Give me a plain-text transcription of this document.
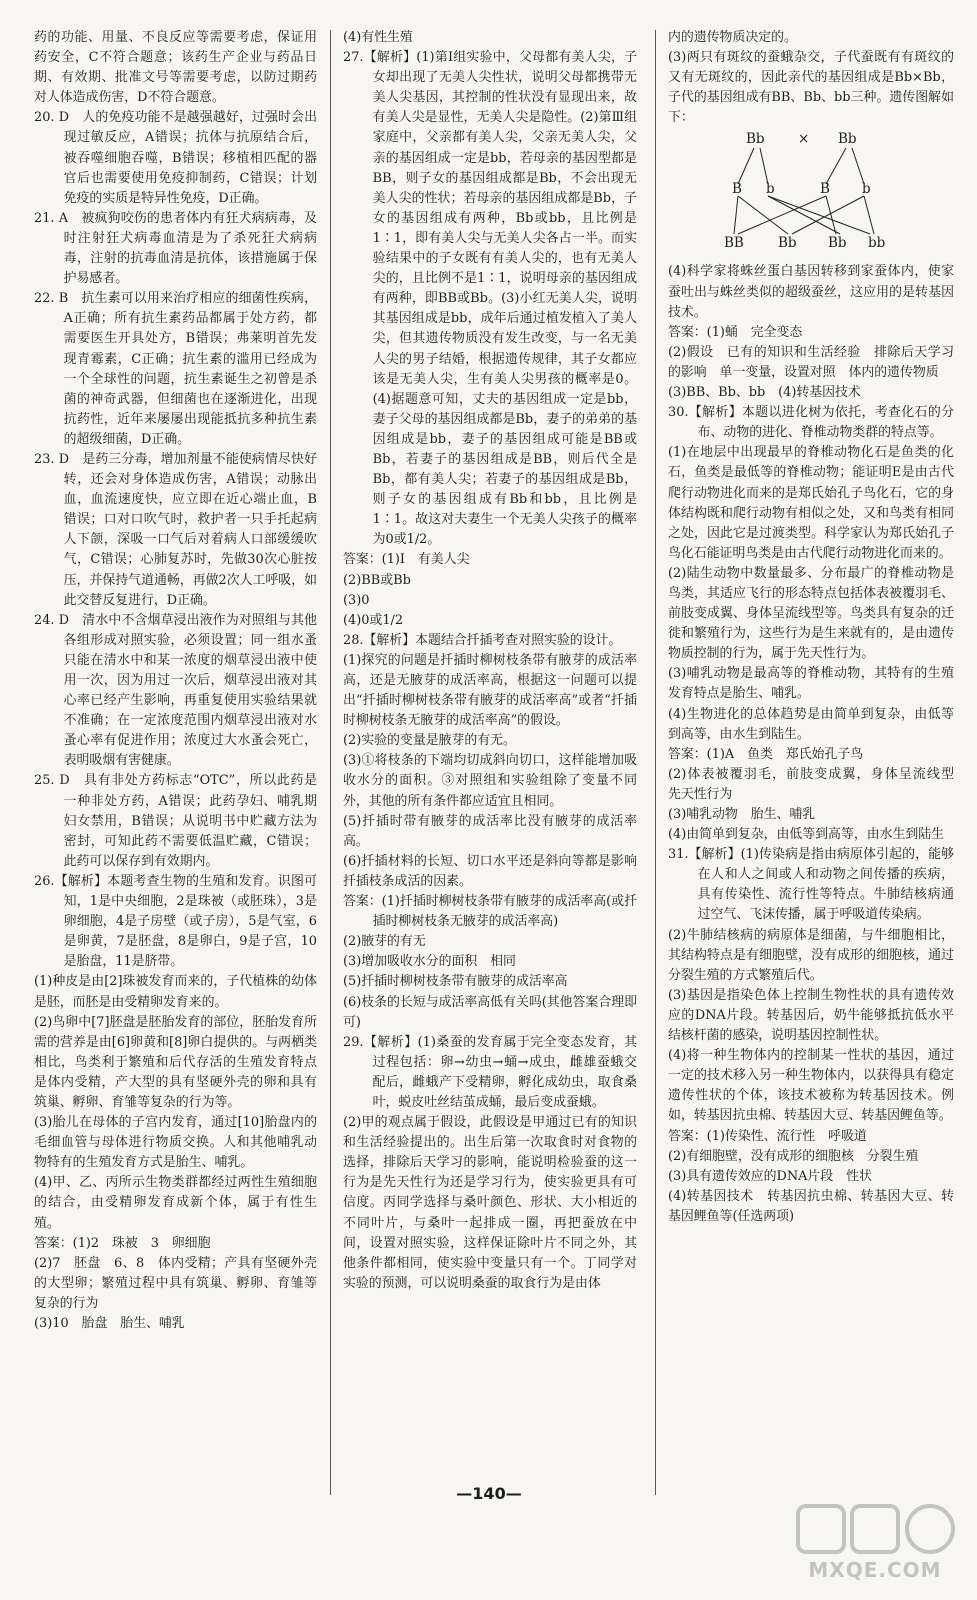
药的功能、用量、不良反应等需要考虑，保证用药安全，C不符合题意；该药生产企业与药品日期、有效期、批准文号等需要考虑，以防过期药对人体造成伤害，D不符合题意。

20. D　人的免疫功能不是越强越好，过强时会出现过敏反应，A错误；抗体与抗原结合后，被吞噬细胞吞噬，B错误；移植相匹配的器官后也需要使用免疫抑制药，C错误；计划免疫的实质是特异性免疫，D正确。

21. A　被疯狗咬伤的患者体内有狂犬病病毒，及时注射狂犬病毒血清是为了杀死狂犬病病毒，注射的抗毒血清是抗体，该措施属于保护易感者。

22. B　抗生素可以用来治疗相应的细菌性疾病，A正确；所有抗生素药品都属于处方药，都需要医生开具处方，B错误；弗莱明首先发现青霉素，C正确；抗生素的滥用已经成为一个全球性的问题，抗生素诞生之初曾是杀菌的神奇武器，但细菌也在逐渐进化，出现抗药性，近年来屡屡出现能抵抗多种抗生素的超级细菌，D正确。

23. D　是药三分毒，增加剂量不能使病情尽快好转，还会对身体造成伤害，A错误；动脉出血，血流速度快，应立即在近心端止血，B错误；口对口吹气时，救护者一只手托起病人下颌，深吸一口气后对着病人口部缓缓吹气，C错误；心肺复苏时，先做30次心脏按压，并保持气道通畅，再做2次人工呼吸，如此交替反复进行，D正确。

24. D　清水中不含烟草浸出液作为对照组与其他各组形成对照实验，必须设置；同一组水蚤只能在清水中和某一浓度的烟草浸出液中使用一次，因为用过一次后，烟草浸出液对其心率已经产生影响，再重复使用实验结果就不准确；在一定浓度范围内烟草浸出液对水蚤心率有促进作用；浓度过大水蚤会死亡，表明吸烟有害健康。

25. D　具有非处方药标志“OTC”，所以此药是一种非处方药，A错误；此药孕妇、哺乳期妇女禁用，B错误；从说明书中贮藏方法为密封，可知此药不需要低温贮藏，C错误；此药可以保存到有效期内。

26.【解析】本题考查生物的生殖和发育。识图可知，1是中央细胞，2是珠被（或胚珠），3是卵细胞，4是子房壁（或子房），5是气室，6是卵黄，7是胚盘，8是卵白，9是子宫，10是胎盘，11是脐带。

(1)种皮是由[2]珠被发育而来的，子代植株的幼体是胚，而胚是由受精卵发育来的。

(2)鸟卵中[7]胚盘是胚胎发育的部位，胚胎发育所需的营养是由[6]卵黄和[8]卵白提供的。与两栖类相比，鸟类利于繁殖和后代存活的生殖发育特点是体内受精，产大型的具有坚硬外壳的卵和具有筑巢、孵卵、育雏等复杂的行为等。

(3)胎儿在母体的子宫内发育，通过[10]胎盘内的毛细血管与母体进行物质交换。人和其他哺乳动物特有的生殖发育方式是胎生、哺乳。

(4)甲、乙、丙所示生物类群都经过两性生殖细胞的结合，由受精卵发育成新个体，属于有性生殖。

答案：(1)2　珠被　3　卵细胞

(2)7　胚盘　6、8　体内受精；产具有坚硬外壳的大型卵；繁殖过程中具有筑巢、孵卵、育雏等复杂的行为

(3)10　胎盘　胎生、哺乳

(4)有性生殖

27.【解析】(1)第Ⅰ组实验中，父母都有美人尖，子女却出现了无美人尖性状，说明父母都携带无美人尖基因，其控制的性状没有显现出来，故有美人尖是显性，无美人尖是隐性。(2)第Ⅲ组家庭中，父亲都有美人尖，父亲无美人尖，父亲的基因组成一定是bb，若母亲的基因型都是BB，则子女的基因组成都是Bb，不会出现无美人尖的性状；若母亲的基因组成都是Bb，子女的基因组成有两种，Bb或bb，且比例是1∶1，即有美人尖与无美人尖各占一半。而实验结果中的子女既有有美人尖的，也有无美人尖的，且比例不是1∶1，说明母亲的基因组成有两种，即BB或Bb。(3)小红无美人尖，说明其基因组成是bb，成年后通过植发植入了美人尖，但其遗传物质没有发生改变，与一名无美人尖的男子结婚，根据遗传规律，其子女都应该是无美人尖，生有美人尖男孩的概率是0。(4)据题意可知，丈夫的基因组成一定是bb，妻子父母的基因组成都是Bb，妻子的弟弟的基因组成是bb，妻子的基因组成可能是BB或Bb，若妻子的基因组成是BB，则后代全是Bb，都有美人尖；若妻子的基因组成是Bb，则子女的基因组成有Bb和bb，且比例是1∶1。故这对夫妻生一个无美人尖孩子的概率为0或1/2。

答案：(1)Ⅰ　有美人尖

(2)BB或Bb

(3)0

(4)0或1/2

28.【解析】本题结合扦插考查对照实验的设计。

(1)探究的问题是扦插时柳树枝条带有腋芽的成活率高，还是无腋芽的成活率高，根据这一问题可以提出“扦插时柳树枝条带有腋芽的成活率高”或者“扦插时柳树枝条无腋芽的成活率高”的假设。

(2)实验的变量是腋芽的有无。

(3)①将枝条的下端均切成斜向切口，这样能增加吸收水分的面积。③对照组和实验组除了变量不同外，其他的所有条件都应适宜且相同。

(5)扦插时带有腋芽的成活率比没有腋芽的成活率高。

(6)扦插材料的长短、切口水平还是斜向等都是影响扦插枝条成活的因素。

答案：(1)扦插时柳树枝条带有腋芽的成活率高(或扦插时柳树枝条无腋芽的成活率高)

(2)腋芽的有无

(3)增加吸收水分的面积　相同

(5)扦插时柳树枝条带有腋芽的成活率高

(6)枝条的长短与成活率高低有关吗(其他答案合理即可)

29.【解析】(1)桑蚕的发育属于完全变态发育，其过程包括：卵→幼虫→蛹→成虫，雌雄蚕蛾交配后，雌蛾产下受精卵，孵化成幼虫，取食桑叶，蜕皮吐丝结茧成蛹，最后变成蚕蛾。

(2)甲的观点属于假设，此假设是甲通过已有的知识和生活经验提出的。出生后第一次取食时对食物的选择，排除后天学习的影响，能说明检验蚕的这一行为是先天性行为还是学习行为，使实验更具有可信度。丙同学选择与桑叶颜色、形状、大小相近的不同叶片，与桑叶一起排成一圈，再把蚕放在中间，设置对照实验，这样保证除叶片不同之外，其他条件都相同，使实验中变量只有一个。丁同学对实验的预测，可以说明桑蚕的取食行为是由体

内的遗传物质决定的。

(3)两只有斑纹的蚕蛾杂交，子代蚕既有有斑纹的又有无斑纹的，因此亲代的基因组成是Bb×Bb，子代的基因组成有BB、Bb、bb三种。遗传图解如下：

Bb × Bb
B b	B b
BB	Bb Bb bb

(4)科学家将蛛丝蛋白基因转移到家蚕体内，使家蚕吐出与蛛丝类似的超级蚕丝，这应用的是转基因技术。

答案：(1)蛹　完全变态

(2)假设　已有的知识和生活经验　排除后天学习的影响　单一变量，设置对照　体内的遗传物质

(3)BB、Bb、bb　(4)转基因技术

30.【解析】本题以进化树为依托，考查化石的分布、动物的进化、脊椎动物类群的特点等。

(1)在地层中出现最早的脊椎动物化石是鱼类的化石，鱼类是最低等的脊椎动物；能证明E是由古代爬行动物进化而来的是郑氏始孔子鸟化石，它的身体结构既和爬行动物有相似之处，又和鸟类有相同之处，因此它是过渡类型。科学家认为郑氏始孔子鸟化石能证明鸟类是由古代爬行动物进化而来的。

(2)陆生动物中数量最多、分布最广的脊椎动物是鸟类，其适应飞行的形态特点包括体表被覆羽毛、前肢变成翼、身体呈流线型等。鸟类具有复杂的迁徙和繁殖行为，这些行为是生来就有的，是由遗传物质控制的行为，属于先天性行为。

(3)哺乳动物是最高等的脊椎动物，其特有的生殖发育特点是胎生、哺乳。

(4)生物进化的总体趋势是由简单到复杂，由低等到高等，由水生到陆生。

答案：(1)A　鱼类　郑氏始孔子鸟

(2)体表被覆羽毛，前肢变成翼，身体呈流线型　先天性行为

(3)哺乳动物　胎生、哺乳

(4)由简单到复杂，由低等到高等，由水生到陆生

31.【解析】(1)传染病是指由病原体引起的，能够在人和人之间或人和动物之间传播的疾病，具有传染性、流行性等特点。牛肺结核病通过空气、飞沫传播，属于呼吸道传染病。

(2)牛肺结核病的病原体是细菌，与牛细胞相比，其结构特点是有细胞壁，没有成形的细胞核，通过分裂生殖的方式繁殖后代。

(3)基因是指染色体上控制生物性状的具有遗传效应的DNA片段。转基因后，奶牛能够抵抗低水平结核杆菌的感染，说明基因控制性状。

(4)将一种生物体内的控制某一性状的基因，通过一定的技术移入另一种生物体内，以获得具有稳定遗传性状的个体，该技术被称为转基因技术。例如，转基因抗虫棉、转基因大豆、转基因鲤鱼等。

答案：(1)传染性、流行性　呼吸道

(2)有细胞壁，没有成形的细胞核　分裂生殖

(3)具有遗传效应的DNA片段　性状

(4)转基因技术　转基因抗虫棉、转基因大豆、转基因鲤鱼等(任选两项)

—140—
MXQE.COM
